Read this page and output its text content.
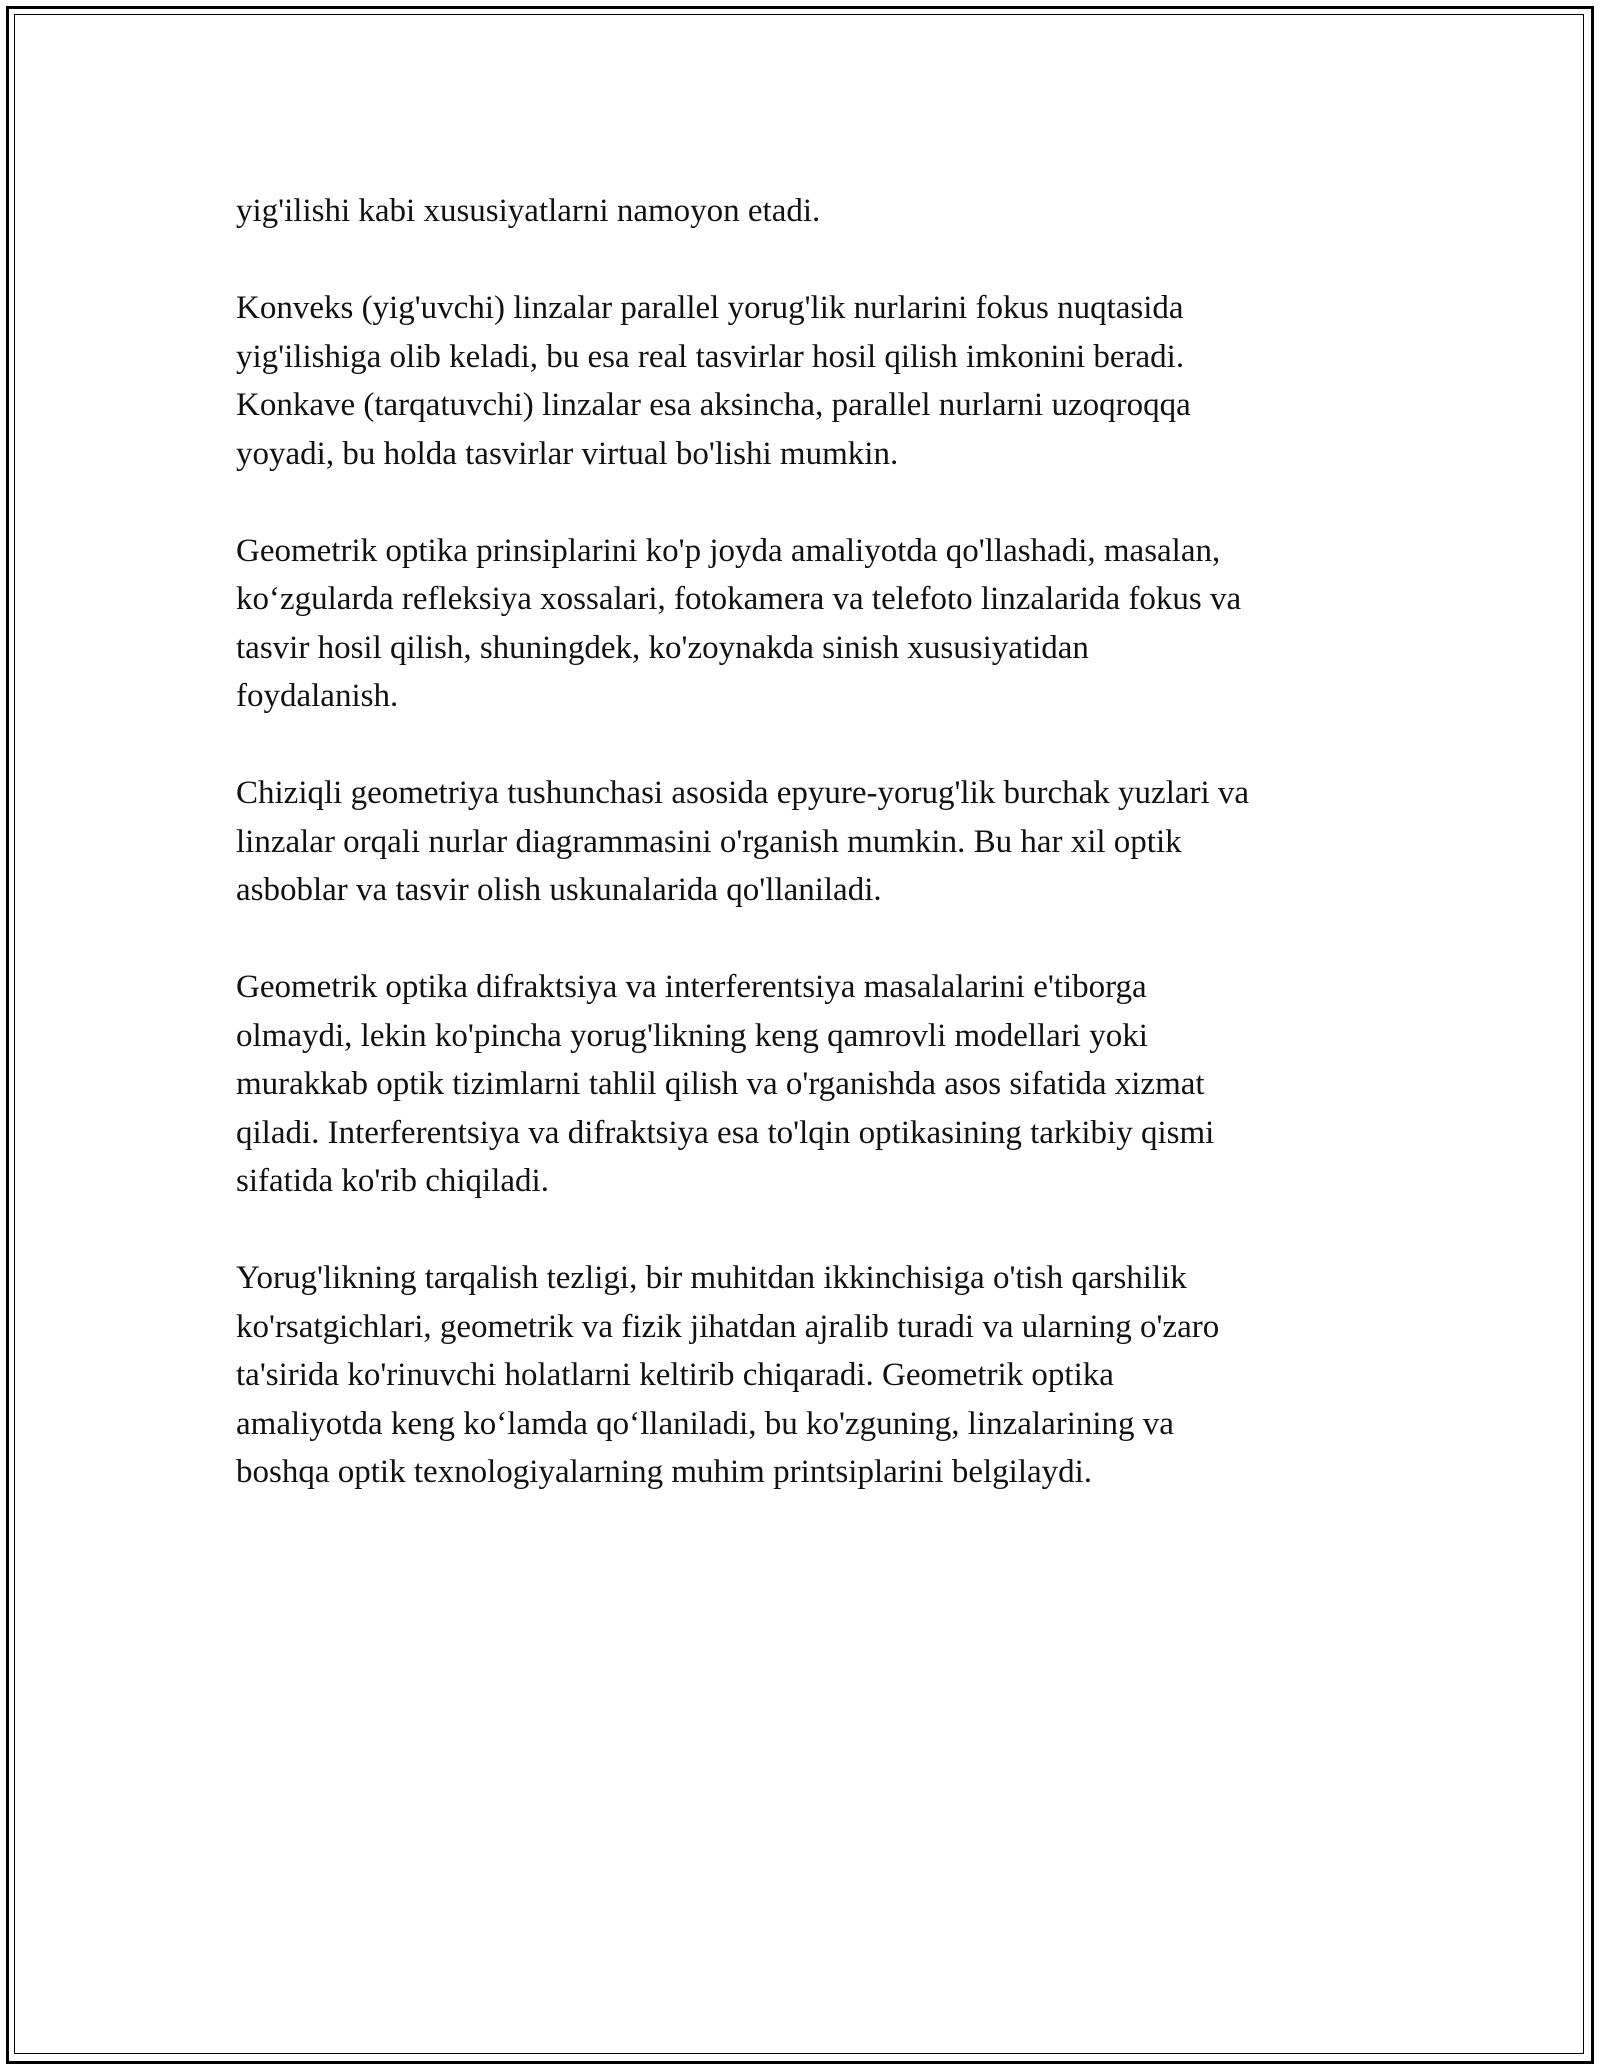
yig'ilishi kabi xususiyatlarni namoyon etadi.

Konveks (yig'uvchi) linzalar parallel yorug'lik nurlarini fokus nuqtasida
yig'ilishiga olib keladi, bu esa real tasvirlar hosil qilish imkonini beradi.
Konkave (tarqatuvchi) linzalar esa aksincha, parallel nurlarni uzoqroqqa
yoyadi, bu holda tasvirlar virtual bo'lishi mumkin.

Geometrik optika prinsiplarini ko'p joyda amaliyotda qo'llashadi, masalan,
ko‘zgularda refleksiya xossalari, fotokamera va telefoto linzalarida fokus va
tasvir hosil qilish, shuningdek, ko'zoynakda sinish xususiyatidan
foydalanish.

Chiziqli geometriya tushunchasi asosida epyure-yorug'lik burchak yuzlari va
linzalar orqali nurlar diagrammasini o'rganish mumkin. Bu har xil optik
asboblar va tasvir olish uskunalarida qo'llaniladi.

Geometrik optika difraktsiya va interferentsiya masalalarini e'tiborga
olmaydi, lekin ko'pincha yorug'likning keng qamrovli modellari yoki
murakkab optik tizimlarni tahlil qilish va o'rganishda asos sifatida xizmat
qiladi. Interferentsiya va difraktsiya esa to'lqin optikasining tarkibiy qismi
sifatida ko'rib chiqiladi.

Yorug'likning tarqalish tezligi, bir muhitdan ikkinchisiga o'tish qarshilik
ko'rsatgichlari, geometrik va fizik jihatdan ajralib turadi va ularning o'zaro
ta'sirida ko'rinuvchi holatlarni keltirib chiqaradi. Geometrik optika
amaliyotda keng ko‘lamda qo‘llaniladi, bu ko'zguning, linzalarining va
boshqa optik texnologiyalarning muhim printsiplarini belgilaydi.
